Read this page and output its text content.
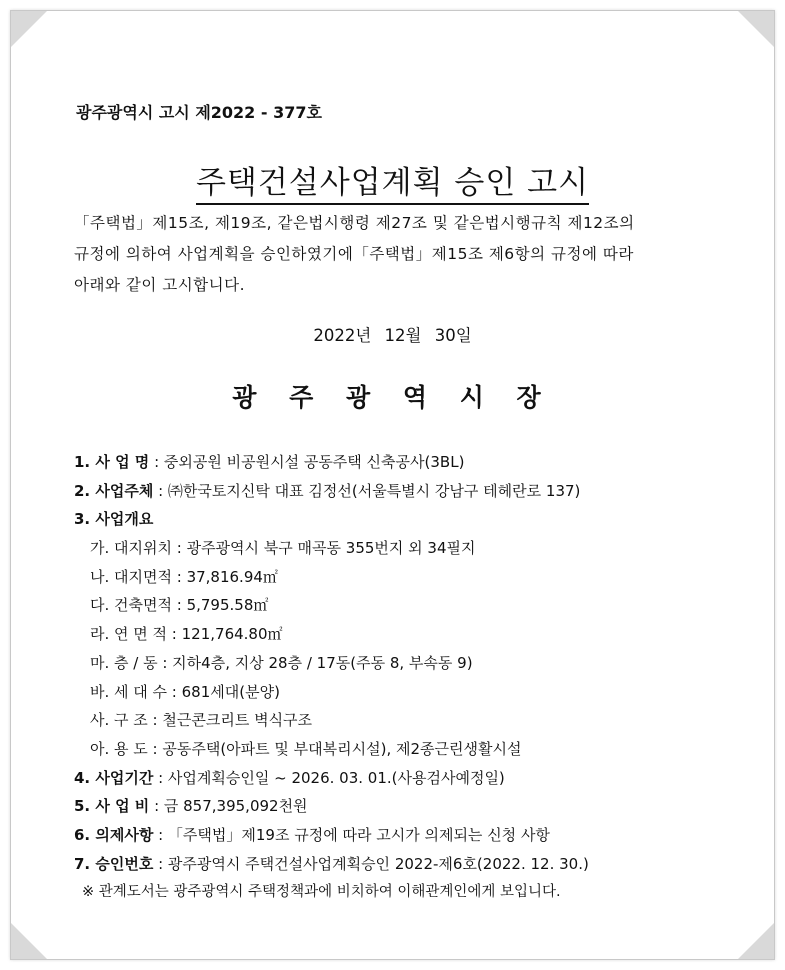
광주광역시 고시 제2022 - 377호
주택건설사업계획 승인 고시
「주택법」제15조, 제19조, 같은법시행령 제27조 및 같은법시행규칙 제12조의
규정에 의하여 사업계획을 승인하였기에「주택법」제15조 제6항의 규정에 따라
아래와 같이 고시합니다.
2022년 12월 30일
광 주 광 역 시 장
1. 사 업 명 : 중외공원 비공원시설 공동주택 신축공사(3BL)
2. 사업주체 : ㈜한국토지신탁 대표 김정선(서울특별시 강남구 테헤란로 137)
3. 사업개요
가. 대지위치 : 광주광역시 북구 매곡동 355번지 외 34필지
나. 대지면적 : 37,816.94㎡
다. 건축면적 : 5,795.58㎡
라. 연 면 적 : 121,764.80㎡
마. 층 / 동 : 지하4층, 지상 28층 / 17동(주동 8, 부속동 9)
바. 세 대 수 : 681세대(분양)
사. 구 조 : 철근콘크리트 벽식구조
아. 용 도 : 공동주택(아파트 및 부대복리시설), 제2종근린생활시설
4. 사업기간 : 사업계획승인일 ~ 2026. 03. 01.(사용검사예정일)
5. 사 업 비 : 금 857,395,092천원
6. 의제사항 : 「주택법」제19조 규정에 따라 고시가 의제되는 신청 사항
7. 승인번호 : 광주광역시 주택건설사업계획승인 2022-제6호(2022. 12. 30.)
※ 관계도서는 광주광역시 주택정책과에 비치하여 이해관계인에게 보입니다.
